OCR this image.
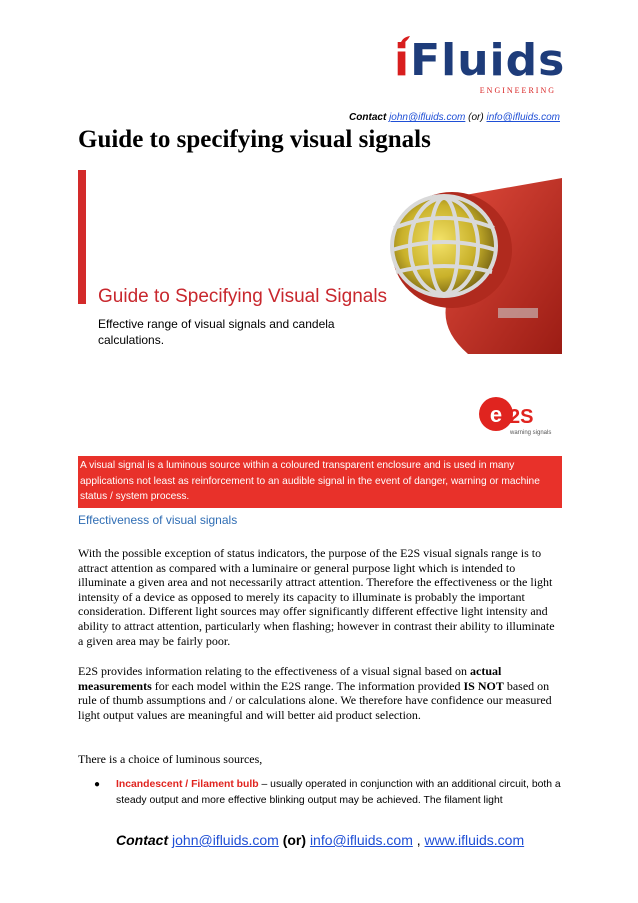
iFluids
ENGINEERING
Contact john@ifluids.com (or) info@ifluids.com
Guide to specifying visual signals
Guide to Specifying Visual Signals
Effective range of visual signals and candela calculations.
e 2S
warning signals
A visual signal is a luminous source within a coloured transparent enclosure and is used in many applications not least as reinforcement to an audible signal in the event of danger, warning or machine status / system process.
Effectiveness of visual signals

With the possible exception of status indicators, the purpose of the E2S visual signals range is to attract attention as compared with a luminaire or general purpose light which is intended to illuminate a given area and not necessarily attract attention. Therefore the effectiveness or the light intensity of a device as opposed to merely its capacity to illuminate is probably the important consideration. Different light sources may offer significantly different effective light intensity and ability to attract attention, particularly when flashing; however in contrast their ability to illuminate a given area may be fairly poor.

E2S provides information relating to the effectiveness of a visual signal based on actual measurements for each model within the E2S range. The information provided IS NOT based on rule of thumb assumptions and / or calculations alone. We therefore have confidence our measured light output values are meaningful and will better aid product selection.

There is a choice of luminous sources,

● Incandescent / Filament bulb – usually operated in conjunction with an additional circuit, both a steady output and more effective blinking output may be achieved. The filament light
Contact john@ifluids.com (or) info@ifluids.com , www.ifluids.com
